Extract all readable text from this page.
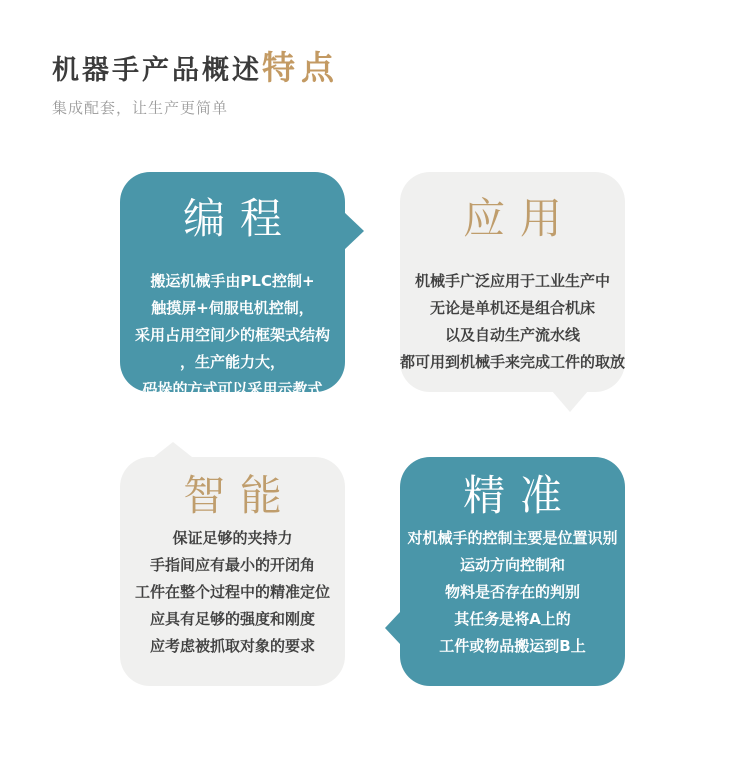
机器手产品概述 特点
集成配套，让生产更简单
编程
搬运机械手由PLC控制+
触摸屏+伺服电机控制，
采用占用空间少的框架式结构
，生产能力大，
码垛的方式可以采用示教式
应用
机械手广泛应用于工业生产中
无论是单机还是组合机床
以及自动生产流水线
都可用到机械手来完成工件的取放
智能
保证足够的夹持力
手指间应有最小的开闭角
工件在整个过程中的精准定位
应具有足够的强度和刚度
应考虑被抓取对象的要求
精准
对机械手的控制主要是位置识别
运动方向控制和
物料是否存在的判别
其任务是将A上的
工件或物品搬运到B上
